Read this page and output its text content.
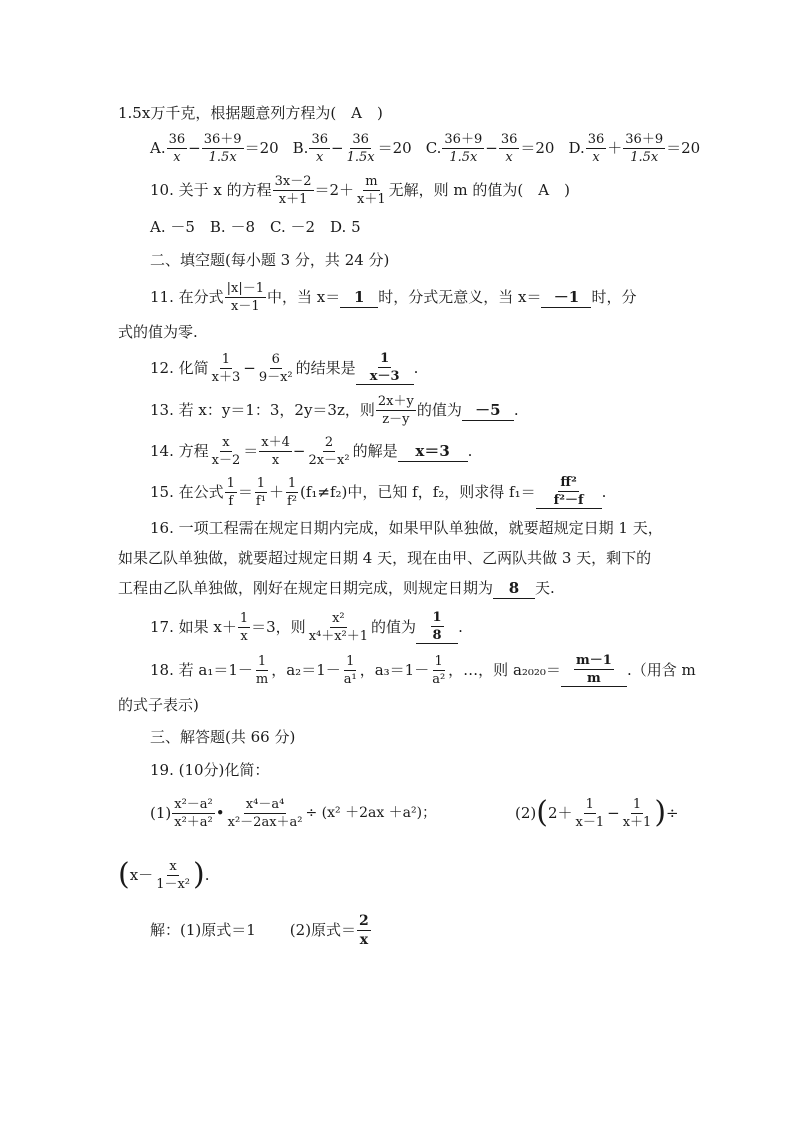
1.5x万千克，根据题意列方程为(　A　)
A. $\frac{36}{x} - \frac{36+9}{1.5x} =20$ B. $\frac{36}{x} - \frac{36}{1.5x} =20$ C. $\frac{36+9}{1.5x} - \frac{36}{x} =20$ D. $\frac{36}{x} + \frac{36+9}{1.5x} =20$
10. 关于 x 的方程 $\frac{3x-2}{x+1} =2+ \frac{m}{x+1}$ 无解，则 m 的值为(　A　)
A. －5　B. －8　C. －2　D. 5
二、填空题(每小题 3 分，共 24 分)
11. 在分式 $\frac{|x|-1}{x-1}$ 中，当 x＝ 1 时，分式无意义，当 x＝ －1 时，分
式的值为零.
12. 化简 $\frac{1}{x+3} - \frac{6}{\text{9－x²}}$ 的结果是 $\frac{1}{x-3}$ .
13. 若 x：y＝1：3，2y＝3z，则 $\frac{2x+y}{z-y}$ 的值为 －5 .
14. 方程 $\frac{x}{x-2} = \frac{x+4}{x} - \frac{2}{\text{2x－x²}}$ 的解是	x＝3	.
15. 在公式 $\frac{1}{f} = \frac{1}{\text{f¹}} + \frac{1}{\text{f²}} (f_1\ne f_2)$中，已知 f，f₂，则求得 $f_1= \frac{\text{ff²}}{\text{f²－f}}$ .
16. 一项工程需在规定日期内完成，如果甲队单独做，就要超规定日期 1 天，
如果乙队单独做，就要超过规定日期 4 天，现在由甲、乙两队共做 3 天，剩下的
工程由乙队单独做，刚好在规定日期完成，则规定日期为 8 天.
17. 如果 $x+ \frac{1}{x} =3$，则 $\frac{\text{x²}}{\text{x⁴＋x²＋1}}$ 的值为 $\frac{1}{8}$ .
18. 若 $a_1=1- \frac{1}{m}$ ，$a_2=1- \frac{1}{\text{a¹}}$ ，$a_3=1- \frac{1}{\text{a²}}$ ，…，则 $a_{2020}= \frac{m-1}{m}$ .（用含 m
的式子表示)
三、解答题(共 66 分)
19. (10分)化简：
$(1) \frac{\text{x²－a²}}{\text{x²＋a²}}$ • $\frac{\text{x⁴－a⁴}}{\text{x²－2ax＋a²}} \div (x^2 +2ax +a^2)$；	(2) ( $2+ \frac{1}{x-1} - \frac{1}{x+1}$ ) ÷
( $x- \frac{x}{\text{1－x²}}$ ) .
解：(1)原式＝1 (2)原式＝ $\frac{2}{x}$
